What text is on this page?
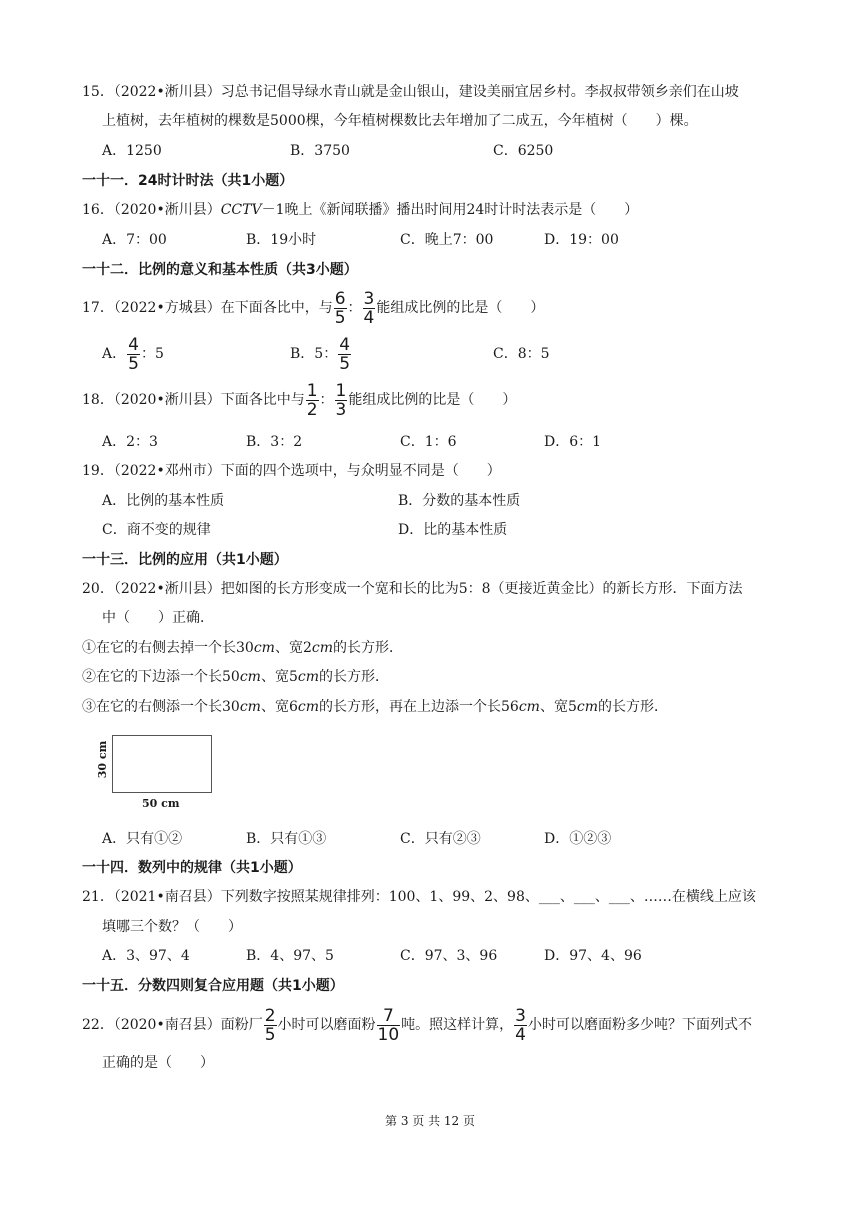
15．（2022•淅川县）习总书记倡导绿水青山就是金山银山，建设美丽宜居乡村。李叔叔带领乡亲们在山坡
上植树，去年植树的棵数是5000棵，今年植树棵数比去年增加了二成五，今年植树（　　）棵。
A．1250	B．3750	C．6250
一十一．24时计时法（共1小题）
16．（2020•淅川县）CCTV－1晚上《新闻联播》播出时间用24时计时法表示是（　　）
A．7：00	B．19小时	C．晚上7：00	D．19：00
一十二．比例的意义和基本性质（共3小题）
17．（2022•方城县）在下面各比中，与 $\frac{6}{5}$ ： $\frac{3}{4}$ 能组成比例的比是（　　）
A． $\frac{4}{5}$ ：5	B．5： $\frac{4}{5}$	C．8：5
18．（2020•淅川县）下面各比中与 $\frac{1}{2}$ ： $\frac{1}{3}$ 能组成比例的比是（　　）
A．2：3	B．3：2	C．1：6	D．6：1
19．（2022•邓州市）下面的四个选项中，与众明显不同是（　　）
A．比例的基本性质	B．分数的基本性质
C．商不变的规律	D．比的基本性质
一十三．比例的应用（共1小题）
20．（2022•淅川县）把如图的长方形变成一个宽和长的比为5：8（更接近黄金比）的新长方形．下面方法
中（　　）正确．
①在它的右侧去掉一个长30cm、宽2cm的长方形．
②在它的下边添一个长50cm、宽5cm的长方形．
③在它的右侧添一个长30cm、宽6cm的长方形，再在上边添一个长56cm、宽5cm的长方形．
30 cm
50 cm
A．只有①②	B．只有①③	C．只有②③	D．①②③
一十四．数列中的规律（共1小题）
21．（2021•南召县）下列数字按照某规律排列：100、1、99、2、98、___、___、___、……在横线上应该
填哪三个数？（　　）
A．3、97、4	B．4、97、5	C．97、3、96	D．97、4、96
一十五．分数四则复合应用题（共1小题）
22．（2020•南召县）面粉厂 $\frac{2}{5}$ 小时可以磨面粉 $\frac{7}{10}$ 吨。照这样计算， $\frac{3}{4}$ 小时可以磨面粉多少吨？下面列式不
正确的是（　　）
第 3 页 共 12 页
